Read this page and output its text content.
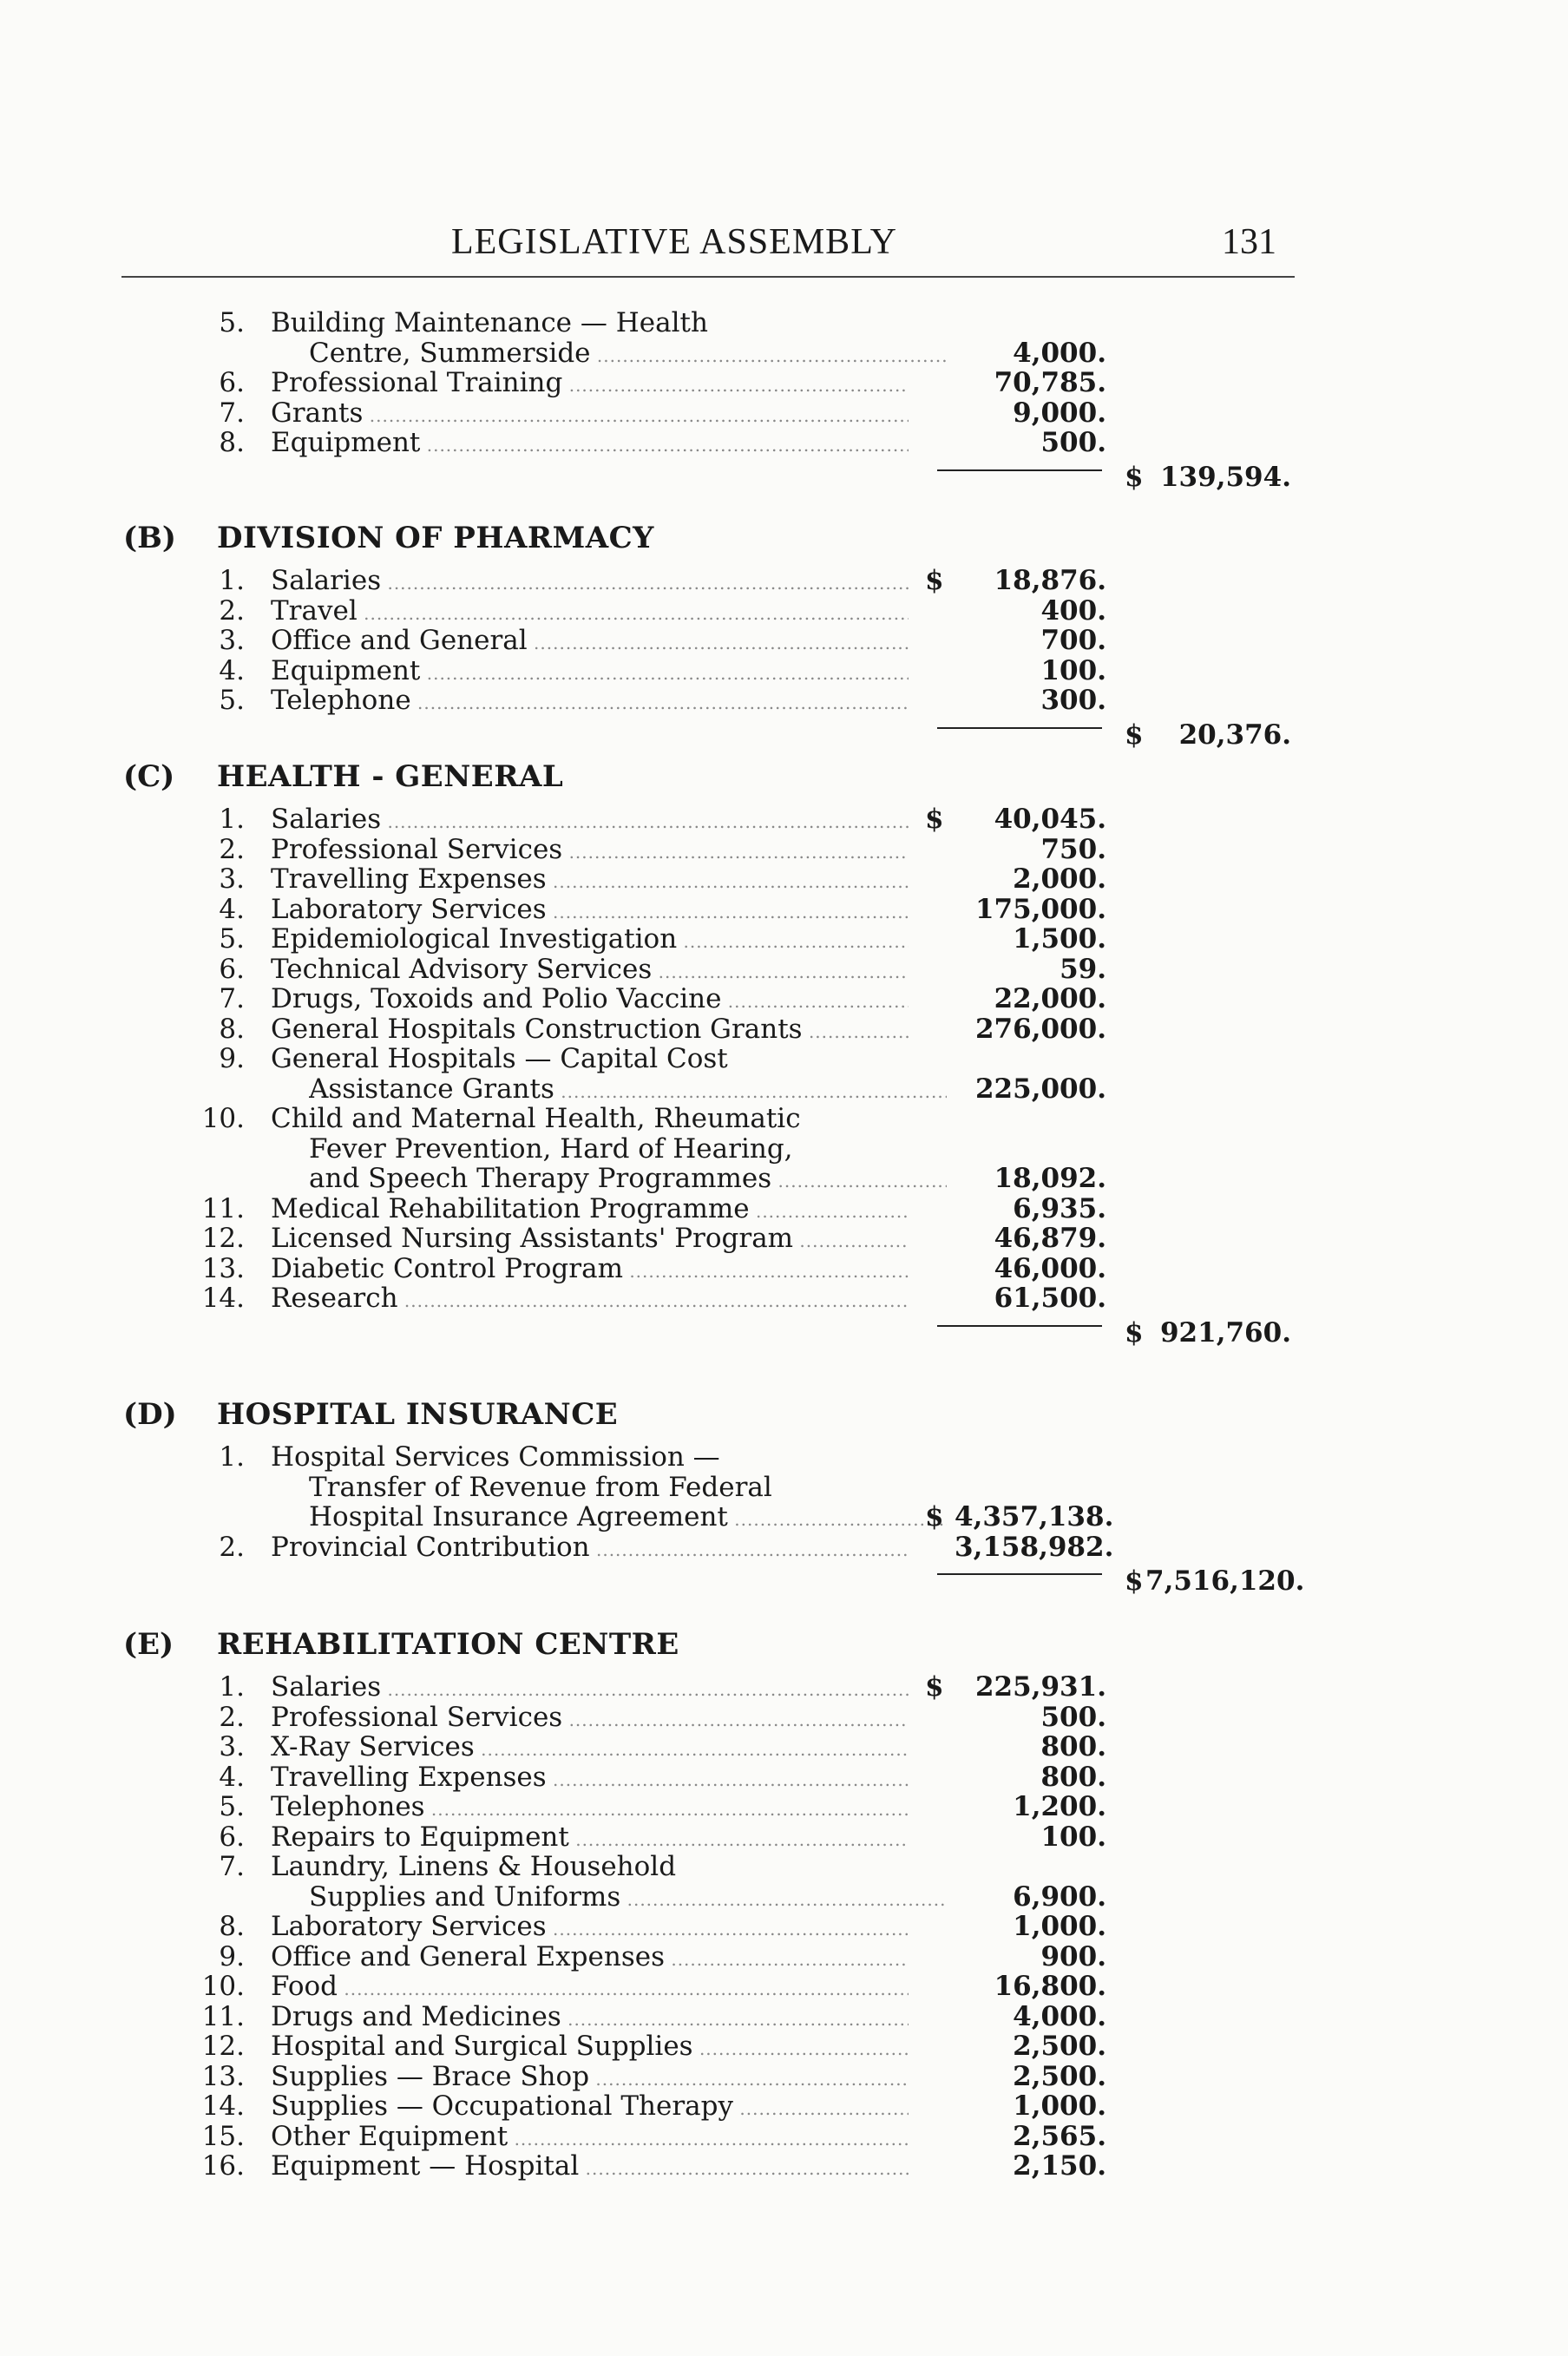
LEGISLATIVE ASSEMBLY	131
5. Building Maintenance — Health
Centre, Summerside .....	4,000.
6. Professional Training .....	70,785.
7. Grants .....	9,000.
8. Equipment .....	500.
$ 139,594.
(B) DIVISION OF PHARMACY
1. Salaries .....	$	18,876.
2. Travel .....	400.
3. Office and General .....	700.
4. Equipment .....	100.
5. Telephone .....	300.
$	20,376.
(C) HEALTH - GENERAL
1. Salaries .....	$	40,045.
2. Professional Services .....	750.
3. Travelling Expenses .....	2,000.
4. Laboratory Services .....	175,000.
5. Epidemiological Investigation .....	1,500.
6. Technical Advisory Services .....	59.
7. Drugs, Toxoids and Polio Vaccine .....	22,000.
8. General Hospitals Construction Grants .....	276,000.
9. General Hospitals — Capital Cost
Assistance Grants .....	225,000.
10. Child and Maternal Health, Rheumatic
Fever Prevention, Hard of Hearing,
and Speech Therapy Programmes .....	18,092.
11. Medical Rehabilitation Programme .....	6,935.
12. Licensed Nursing Assistants' Program .....	46,879.
13. Diabetic Control Program .....	46,000.
14. Research .....	61,500.
$ 921,760.
(D) HOSPITAL INSURANCE
1. Hospital Services Commission —
Transfer of Revenue from Federal
Hospital Insurance Agreement .....	$ 4,357,138.
2. Provincial Contribution .....	3,158,982.
$ 7,516,120.
(E) REHABILITATION CENTRE
1. Salaries .....	$	225,931.
2. Professional Services .....	500.
3. X-Ray Services .....	800.
4. Travelling Expenses .....	800.
5. Telephones .....	1,200.
6. Repairs to Equipment .....	100.
7. Laundry, Linens & Household
Supplies and Uniforms .....	6,900.
8. Laboratory Services .....	1,000.
9. Office and General Expenses .....	900.
10. Food .....	16,800.
11. Drugs and Medicines .....	4,000.
12. Hospital and Surgical Supplies .....	2,500.
13. Supplies — Brace Shop .....	2,500.
14. Supplies — Occupational Therapy .....	1,000.
15. Other Equipment .....	2,565.
16. Equipment — Hospital .....	2,150.
